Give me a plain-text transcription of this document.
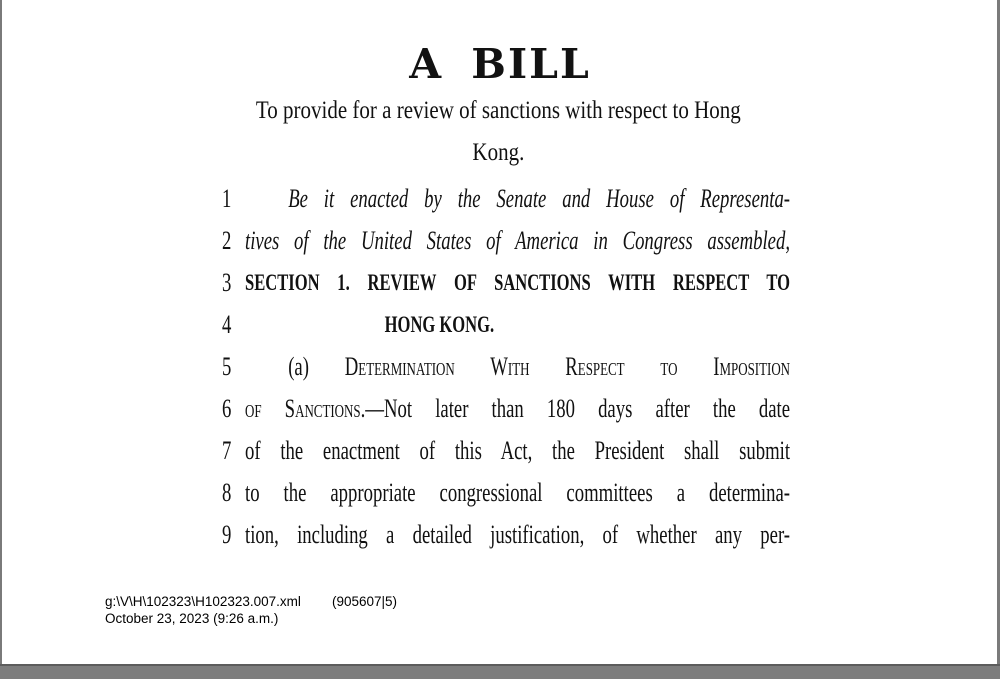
A BILL
To provide for a review of sanctions with respect to Hong
Kong.
1	Be it enacted by the Senate and House of Representa-
2 tives of the United States of America in Congress assembled,
3 SECTION 1. REVIEW OF SANCTIONS WITH RESPECT TO
4	HONG KONG.
5	(a) Determination With Respect to Imposition
6 of Sanctions.—Not later than 180 days after the date
7 of the enactment of this Act, the President shall submit
8 to the appropriate congressional committees a determina-
9 tion, including a detailed justification, of whether any per-
g:\V\H\102323\H102323.007.xml	(905607|5)
October 23, 2023 (9:26 a.m.)
